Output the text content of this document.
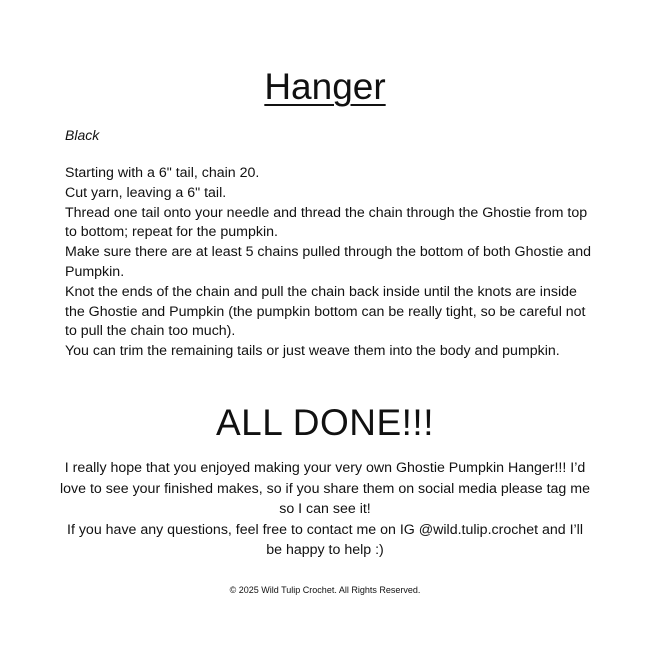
Hanger
Black
Starting with a 6" tail, chain 20.
Cut yarn, leaving a 6" tail.
Thread one tail onto your needle and thread the chain through the Ghostie from top to bottom; repeat for the pumpkin.
Make sure there are at least 5 chains pulled through the bottom of both Ghostie and Pumpkin.
Knot the ends of the chain and pull the chain back inside until the knots are inside the Ghostie and Pumpkin (the pumpkin bottom can be really tight, so be careful not to pull the chain too much).
You can trim the remaining tails or just weave them into the body and pumpkin.
ALL DONE!!!

I really hope that you enjoyed making your very own Ghostie Pumpkin Hanger!!! I’d love to see your finished makes, so if you share them on social media please tag me so I can see it!

If you have any questions, feel free to contact me on IG @wild.tulip.crochet and I’ll be happy to help :)

© 2025 Wild Tulip Crochet. All Rights Reserved.
